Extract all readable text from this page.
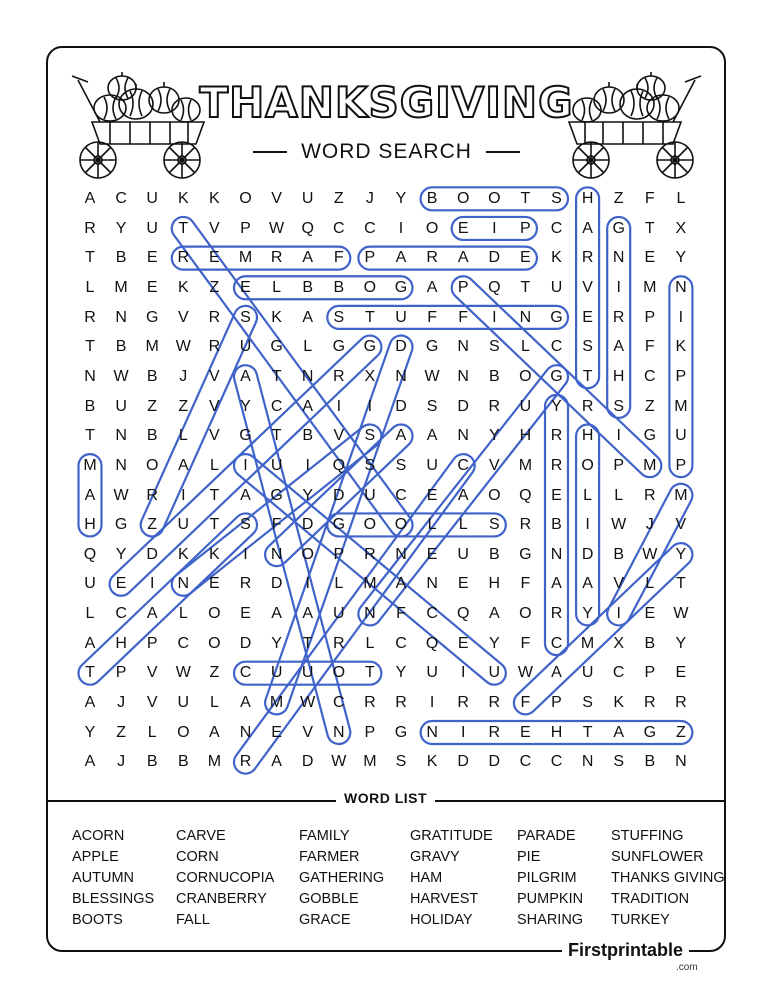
THANKSGIVING
WORD SEARCH
A	C	U	K	K	O	V	U	Z	J	Y	B	O	O	T	S	H	Z	F	L
R	Y	U	T	V	P	W	Q	C	C	I	O	E	I	P	C	A	G	T	X
T	B	E	R	E	M	R	A	F	P	A	R	A	D	E	K	R	N	E	Y
L	M	E	K	Z	E	L	B	B	O	G	A	P	Q	T	U	V	I	M	N
R	N	G	V	R	S	K	A	S	T	U	F	F	I	N	G	E	R	P	I
T	B	M	W	R	U	G	L	G	G	D	G	N	S	L	C	S	A	F	K
N	W	B	J	V	A	T	N	R	X	N	W	N	B	O	G	T	H	C	P
B	U	Z	Z	V	Y	C	A	I	I	D	S	D	R	U	Y	R	S	Z	M
T	N	B	L	V	G	T	B	V	S	A	A	N	Y	H	R	H	I	G	U
M	N	O	A	L	I	U	I	Q	S	S	U	C	V	M	R	O	P	M	P
A	W	R	I	T	A	G	Y	D	U	C	E	A	O	Q	E	L	L	R	M
H	G	Z	U	T	S	F	D	G	O	O	L	L	S	R	B	I	W	J	V
Q	Y	D	K	K	I	N	O	P	R	N	E	U	B	G	N	D	B	W	Y
U	E	I	N	E	R	D	I	L	M	A	N	E	H	F	A	A	V	L	T
L	C	A	L	O	E	A	A	U	N	F	C	Q	A	O	R	Y	I	E	W
A	H	P	C	O	D	Y	T	R	L	C	Q	E	Y	F	C	M	X	B	Y
T	P	V	W	Z	C	U	U	O	T	Y	U	I	U	W	A	U	C	P	E
A	J	V	U	L	A	M	W	C	R	R	I	R	R	F	P	S	K	R	R
Y	Z	L	O	A	N	E	V	N	P	G	N	I	R	E	H	T	A	G	Z
A	J	B	B	M	R	A	D	W	M	S	K	D	D	C	C	N	S	B	N
WORD LIST
ACORN
APPLE
AUTUMN
BLESSINGS
BOOTS
CARVE
CORN
CORNUCOPIA
CRANBERRY
FALL
FAMILY
FARMER
GATHERING
GOBBLE
GRACE
GRATITUDE
GRAVY
HAM
HARVEST
HOLIDAY
PARADE
PIE
PILGRIM
PUMPKIN
SHARING
STUFFING
SUNFLOWER
THANKS GIVING
TRADITION
TURKEY
Firstprintable
.com
